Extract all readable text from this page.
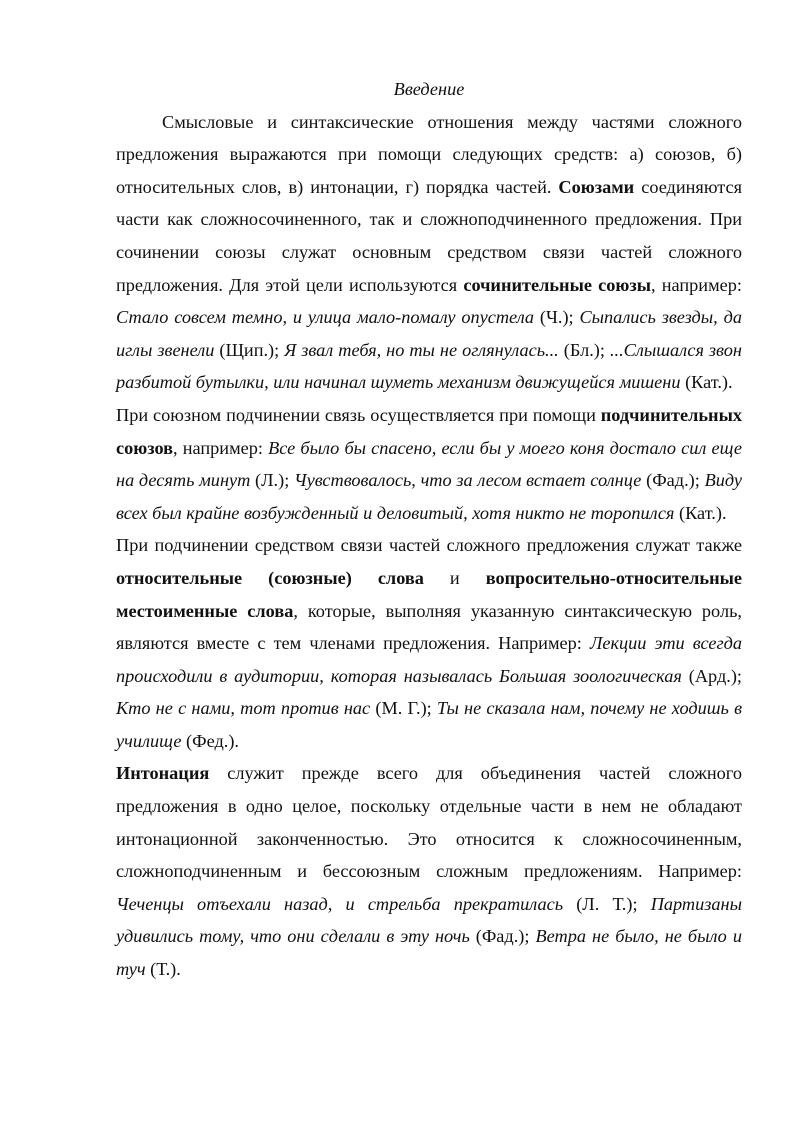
Введение

Смысловые и синтаксические отношения между частями сложного предложения выражаются при помощи следующих средств: а) союзов, б) относительных слов, в) интонации, г) порядка частей. Союзами соединяются части как сложносочиненного, так и сложноподчиненного предложения. При сочинении союзы служат основным средством связи частей сложного предложения. Для этой цели используются сочинительные союзы, например: Стало совсем темно, и улица мало-помалу опустела (Ч.); Сыпались звезды, да иглы звенели (Щип.); Я звал тебя, но ты не оглянулась... (Бл.); ...Слышался звон разбитой бутылки, или начинал шуметь механизм движущейся мишени (Кат.).

При союзном подчинении связь осуществляется при помощи подчинительных союзов, например: Все было бы спасено, если бы у моего коня достало сил еще на десять минут (Л.); Чувствовалось, что за лесом встает солнце (Фад.); Виду всех был крайне возбужденный и деловитый, хотя никто не торопился (Кат.).

При подчинении средством связи частей сложного предложения служат также относительные (союзные) слова и вопросительно-относительные местоименные слова, которые, выполняя указанную синтаксическую роль, являются вместе с тем членами предложения. Например: Лекции эти всегда происходили в аудитории, которая называлась Большая зоологическая (Ард.); Кто не с нами, тот против нас (М. Г.); Ты не сказала нам, почему не ходишь в училище (Фед.).

Интонация служит прежде всего для объединения частей сложного предложения в одно целое, поскольку отдельные части в нем не обладают интонационной законченностью. Это относится к сложносочиненным, сложноподчиненным и бессоюзным сложным предложениям. Например: Чеченцы отъехали назад, и стрельба прекратилась (Л. Т.); Партизаны удивились тому, что они сделали в эту ночь (Фад.); Ветра не было, не было и туч (Т.).
